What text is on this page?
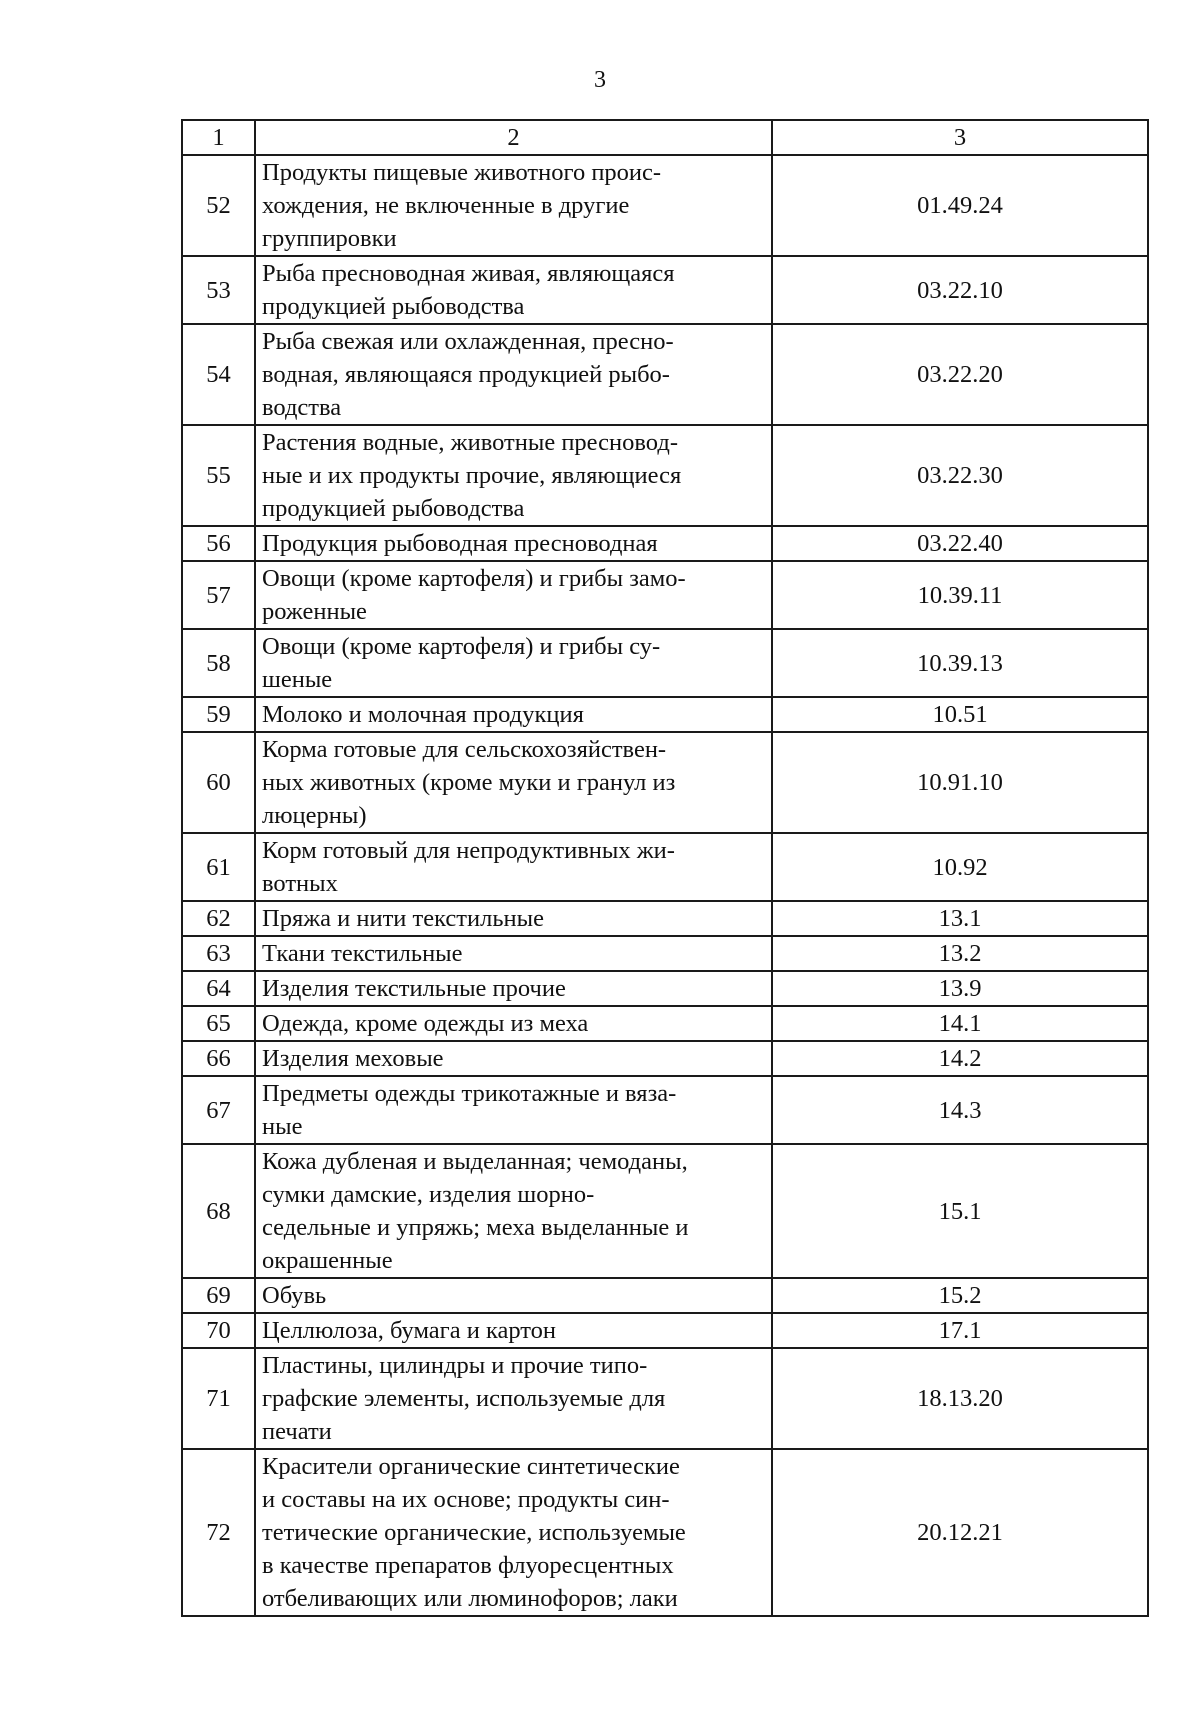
3
1	2	3
52	Продукты пищевые животного проис-
хождения, не включенные в другие
группировки	01.49.24
53	Рыба пресноводная живая, являющаяся
продукцией рыбоводства	03.22.10
54	Рыба свежая или охлажденная, пресно-
водная, являющаяся продукцией рыбо-
водства	03.22.20
55	Растения водные, животные пресновод-
ные и их продукты прочие, являющиеся
продукцией рыбоводства	03.22.30
56	Продукция рыбоводная пресноводная	03.22.40
57	Овощи (кроме картофеля) и грибы замо-
роженные	10.39.11
58	Овощи (кроме картофеля) и грибы су-
шеные	10.39.13
59	Молоко и молочная продукция	10.51
60	Корма готовые для сельскохозяйствен-
ных животных (кроме муки и гранул из
люцерны)	10.91.10
61	Корм готовый для непродуктивных жи-
вотных	10.92
62	Пряжа и нити текстильные	13.1
63	Ткани текстильные	13.2
64	Изделия текстильные прочие	13.9
65	Одежда, кроме одежды из меха	14.1
66	Изделия меховые	14.2
67	Предметы одежды трикотажные и вяза-
ные	14.3
68	Кожа дубленая и выделанная; чемоданы,
сумки дамские, изделия шорно-
седельные и упряжь; меха выделанные и
окрашенные	15.1
69	Обувь	15.2
70	Целлюлоза, бумага и картон	17.1
71	Пластины, цилиндры и прочие типо-
графские элементы, используемые для
печати	18.13.20
72	Красители органические синтетические
и составы на их основе; продукты син-
тетические органические, используемые
в качестве препаратов флуоресцентных
отбеливающих или люминофоров; лаки	20.12.21
